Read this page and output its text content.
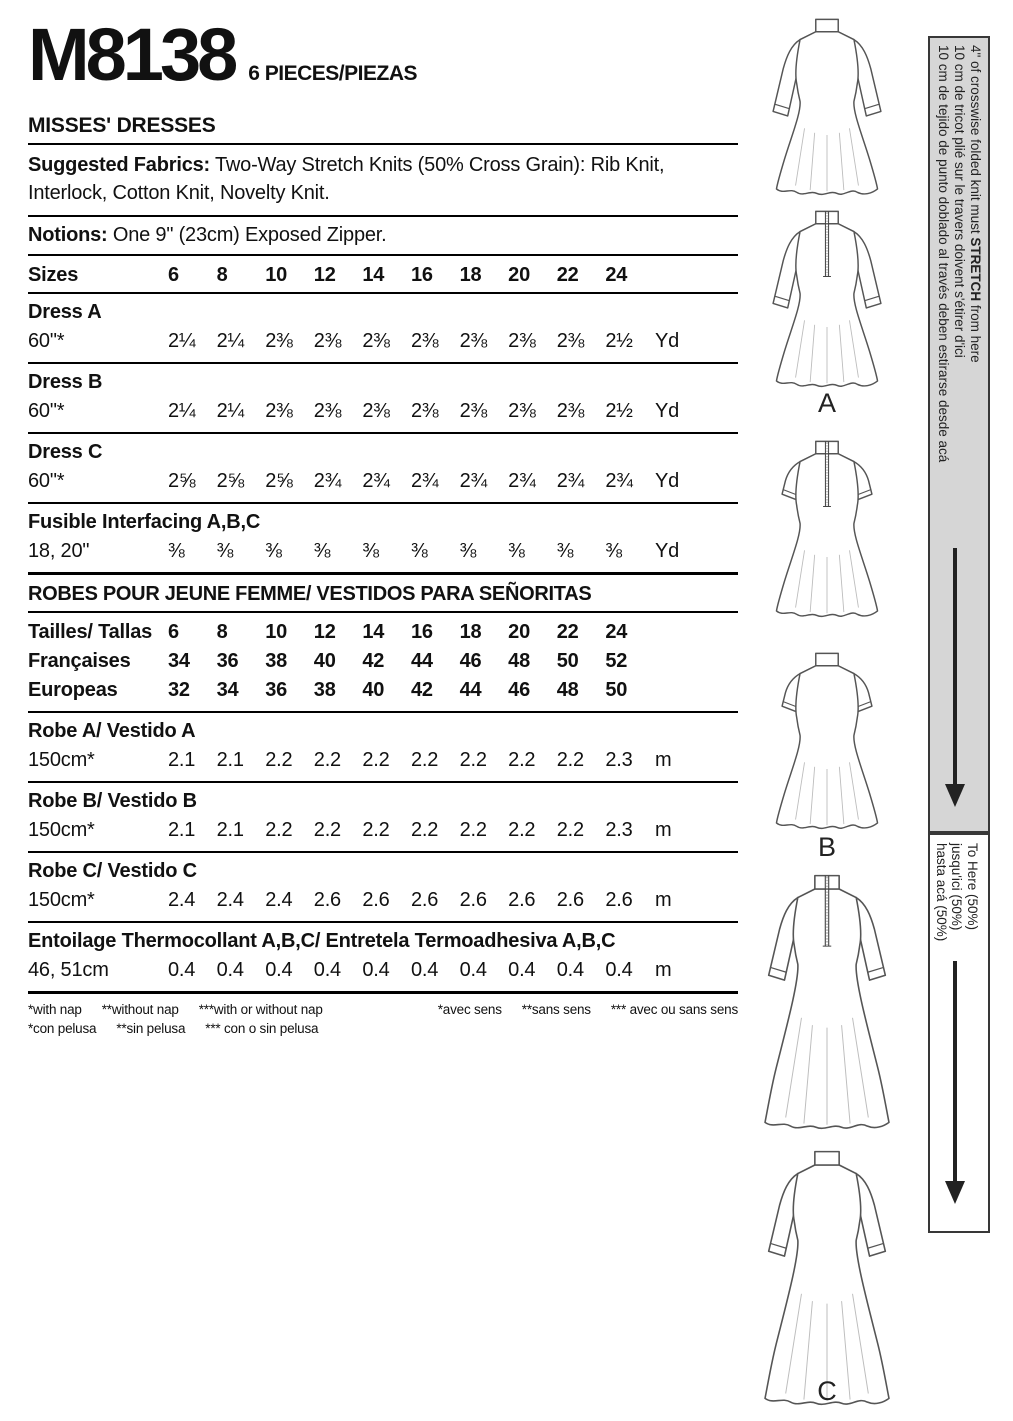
M8138 6 PIECES/PIEZAS
MISSES' DRESSES
Suggested Fabrics: Two-Way Stretch Knits (50% Cross Grain): Rib Knit, Interlock, Cotton Knit, Novelty Knit.
Notions: One 9" (23cm) Exposed Zipper.
Sizes	6	8	10	12	14	16	18	20	22	24
Dress A
60"*	2¼	2¼	2⅜	2⅜	2⅜	2⅜	2⅜	2⅜	2⅜	2½	Yd
Dress B
60"*	2¼	2¼	2⅜	2⅜	2⅜	2⅜	2⅜	2⅜	2⅜	2½	Yd
Dress C
60"*	2⅝	2⅝	2⅝	2¾	2¾	2¾	2¾	2¾	2¾	2¾	Yd
Fusible Interfacing A,B,C
18, 20"	⅜	⅜	⅜	⅜	⅜	⅜	⅜	⅜	⅜	⅜	Yd
ROBES POUR JEUNE FEMME/ VESTIDOS PARA SEÑORITAS
Tailles/ Tallas 6	8	10	12	14	16	18	20	22	24
Françaises	34	36	38	40	42	44	46	48	50	52
Europeas	32	34	36	38	40	42	44	46	48	50
Robe A/ Vestido A
150cm*	2.1	2.1	2.2	2.2	2.2	2.2	2.2	2.2	2.2	2.3	m
Robe B/ Vestido B
150cm*	2.1	2.1	2.2	2.2	2.2	2.2	2.2	2.2	2.2	2.3	m
Robe C/ Vestido C
150cm*	2.4	2.4	2.4	2.6	2.6	2.6	2.6	2.6	2.6	2.6	m
Entoilage Thermocollant A,B,C/ Entretela Termoadhesiva A,B,C
46, 51cm	0.4	0.4	0.4	0.4	0.4	0.4	0.4	0.4	0.4	0.4	m
*with nap **without nap ***with or without nap	*avec sens **sans sens *** avec ou sans sens
*con pelusa **sin pelusa *** con o sin pelusa
A
B
C
4" of crosswise folded knit must STRETCH from here
10 cm de tricot plié sur le travers doivent s'étirer d'ici
10 cm de tejido de punto doblado al través deben estirarse desde acá
To Here (50%)
jusqu'ici (50%)
hasta acá (50%)
